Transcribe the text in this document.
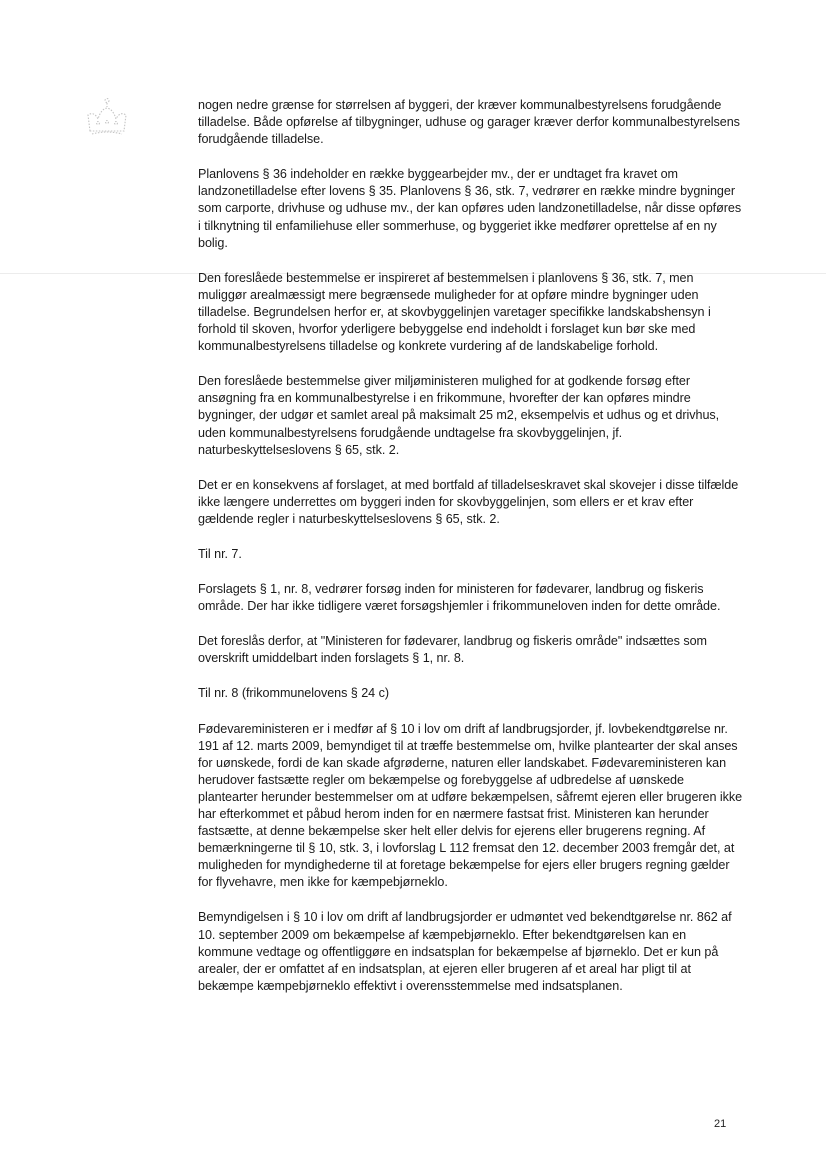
nogen nedre grænse for størrelsen af byggeri, der kræver kommunalbestyrelsens forudgående tilladelse. Både opførelse af tilbygninger, udhuse og garager kræver derfor kommunalbestyrelsens forudgående tilladelse.

Planlovens § 36 indeholder en række byggearbejder mv., der er undtaget fra kravet om landzonetilladelse efter lovens § 35. Planlovens § 36, stk. 7, vedrører en række mindre bygninger som carporte, drivhuse og udhuse mv., der kan opføres uden landzonetilladelse, når disse opføres i tilknytning til enfamiliehuse eller sommerhuse, og byggeriet ikke medfører oprettelse af en ny bolig.

Den foreslåede bestemmelse er inspireret af bestemmelsen i planlovens § 36, stk. 7, men muliggør arealmæssigt mere begrænsede muligheder for at opføre mindre bygninger uden tilladelse. Begrundelsen herfor er, at skovbyggelinjen varetager specifikke landskabshensyn i forhold til skoven, hvorfor yderligere bebyggelse end indeholdt i forslaget kun bør ske med kommunalbestyrelsens tilladelse og konkrete vurdering af de landskabelige forhold.

Den foreslåede bestemmelse giver miljøministeren mulighed for at godkende forsøg efter ansøgning fra en kommunalbestyrelse i en frikommune, hvorefter der kan opføres mindre bygninger, der udgør et samlet areal på maksimalt 25 m2, eksempelvis et udhus og et drivhus, uden kommunalbestyrelsens forudgående undtagelse fra skovbyggelinjen, jf. naturbeskyttelseslovens § 65, stk. 2.

Det er en konsekvens af forslaget, at med bortfald af tilladelseskravet skal skovejer i disse tilfælde ikke længere underrettes om byggeri inden for skovbyggelinjen, som ellers er et krav efter gældende regler i naturbeskyttelseslovens § 65, stk. 2.

Til nr. 7.

Forslagets § 1, nr. 8, vedrører forsøg inden for ministeren for fødevarer, landbrug og fiskeris område. Der har ikke tidligere været forsøgshjemler i frikommuneloven inden for dette område.

Det foreslås derfor, at "Ministeren for fødevarer, landbrug og fiskeris område" indsættes som overskrift umiddelbart inden forslagets § 1, nr. 8.

Til nr. 8 (frikommunelovens § 24 c)

Fødevareministeren er i medfør af § 10 i lov om drift af landbrugsjorder, jf. lovbekendtgørelse nr. 191 af 12. marts 2009, bemyndiget til at træffe bestemmelse om, hvilke plantearter der skal anses for uønskede, fordi de kan skade afgrøderne, naturen eller landskabet. Fødevareministeren kan herudover fastsætte regler om bekæmpelse og forebyggelse af udbredelse af uønskede plantearter herunder bestemmelser om at udføre bekæmpelsen, såfremt ejeren eller brugeren ikke har efterkommet et påbud herom inden for en nærmere fastsat frist. Ministeren kan herunder fastsætte, at denne bekæmpelse sker helt eller delvis for ejerens eller brugerens regning. Af bemærkningerne til § 10, stk. 3, i lovforslag L 112 fremsat den 12. december 2003 fremgår det, at muligheden for myndighederne til at foretage bekæmpelse for ejers eller brugers regning gælder for flyvehavre, men ikke for kæmpebjørneklo.

Bemyndigelsen i § 10 i lov om drift af landbrugsjorder er udmøntet ved bekendtgørelse nr. 862 af 10. september 2009 om bekæmpelse af kæmpebjørneklo. Efter bekendtgørelsen kan en kommune vedtage og offentliggøre en indsatsplan for bekæmpelse af bjørneklo. Det er kun på arealer, der er omfattet af en indsatsplan, at ejeren eller brugeren af et areal har pligt til at bekæmpe kæmpebjørneklo effektivt i overensstemmelse med indsatsplanen.

21
